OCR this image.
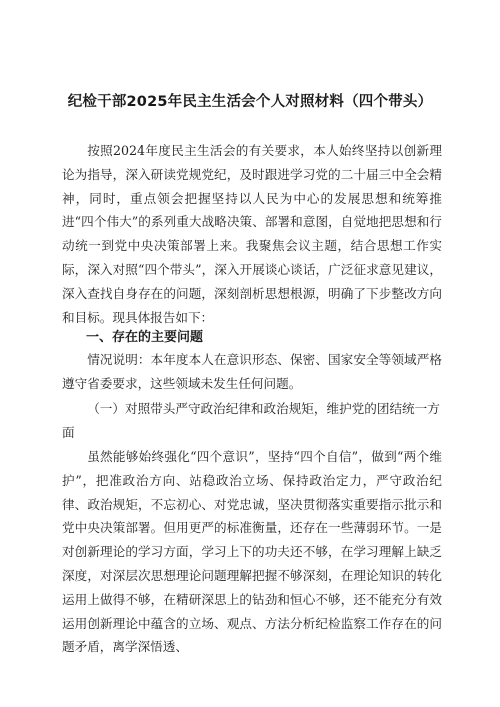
纪检干部2025年民主生活会个人对照材料（四个带头）

按照2024年度民主生活会的有关要求，本人始终坚持以创新理论为指导，深入研读党规党纪，及时跟进学习党的二十届三中全会精神，同时，重点领会把握坚持以人民为中心的发展思想和统筹推进“四个伟大”的系列重大战略决策、部署和意图，自觉地把思想和行动统一到党中央决策部署上来。我聚焦会议主题，结合思想工作实际，深入对照“四个带头”，深入开展谈心谈话，广泛征求意见建议，深入查找自身存在的问题，深刻剖析思想根源，明确了下步整改方向和目标。现具体报告如下：

一、存在的主要问题

情况说明：本年度本人在意识形态、保密、国家安全等领域严格遵守省委要求，这些领域未发生任何问题。

（一）对照带头严守政治纪律和政治规矩，维护党的团结统一方面

虽然能够始终强化“四个意识”，坚持“四个自信”，做到“两个维护”，把准政治方向、站稳政治立场、保持政治定力，严守政治纪律、政治规矩，不忘初心、对党忠诚，坚决贯彻落实重要指示批示和党中央决策部署。但用更严的标准衡量，还存在一些薄弱环节。一是对创新理论的学习方面，学习上下的功夫还不够，在学习理解上缺乏深度，对深层次思想理论问题理解把握不够深刻，在理论知识的转化运用上做得不够，在精研深思上的钻劲和恒心不够，还不能充分有效运用创新理论中蕴含的立场、观点、方法分析纪检监察工作存在的问题矛盾，离学深悟透、
